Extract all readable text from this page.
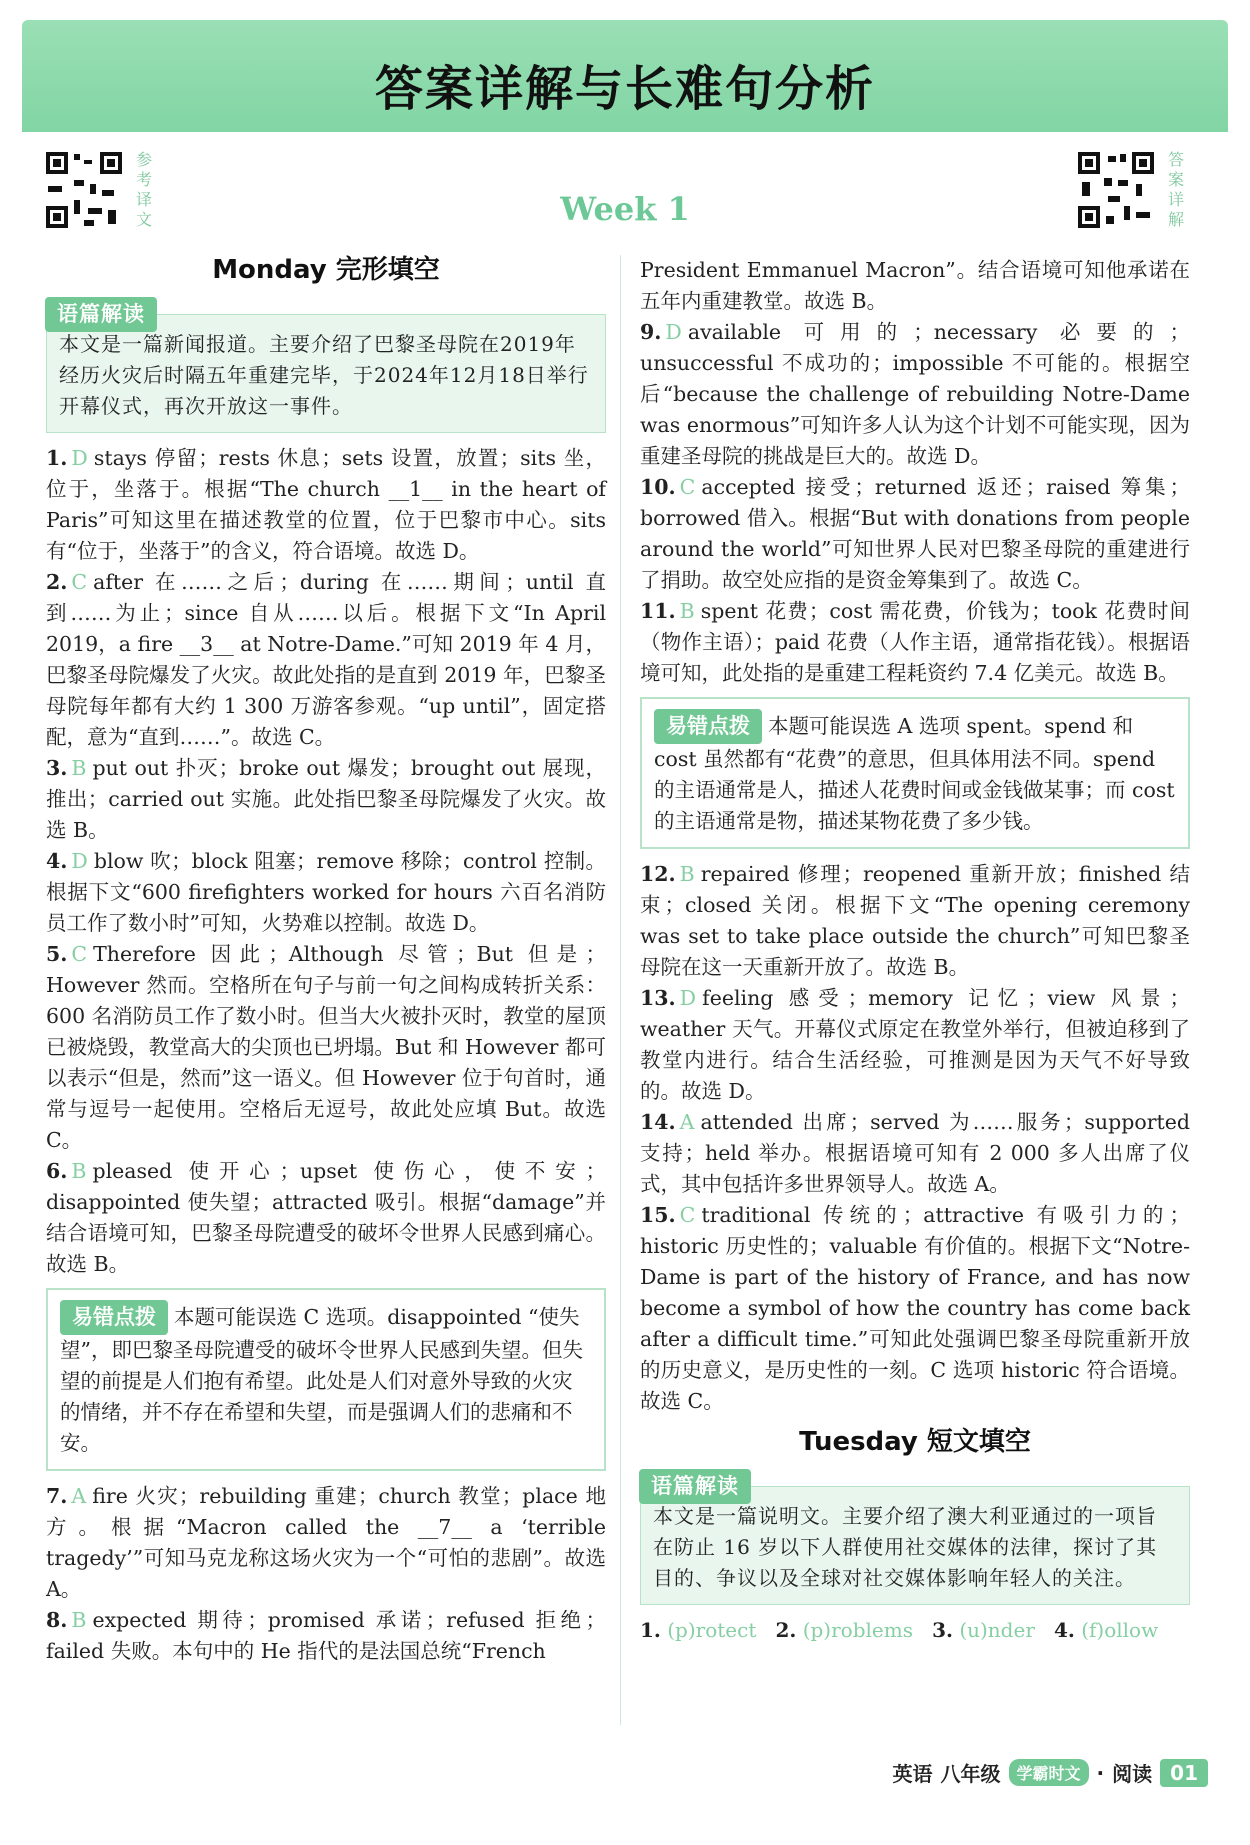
答案详解与长难句分析
参考译文
答案详解
Week 1
Monday 完形填空
语篇解读

本文是一篇新闻报道。主要介绍了巴黎圣母院在2019年经历火灾后时隔五年重建完毕，于2024年12月18日举行开幕仪式，再次开放这一事件。

1. D stays 停留；rests 休息；sets 设置，放置；sits 坐，位于，坐落于。根据“The church __1__ in the heart of Paris”可知这里在描述教堂的位置，位于巴黎市中心。sits 有“位于，坐落于”的含义，符合语境。故选 D。

2. C after 在……之后；during 在……期间；until 直到……为止；since 自从……以后。根据下文“In April 2019，a fire __3__ at Notre-Dame.”可知 2019 年 4 月，巴黎圣母院爆发了火灾。故此处指的是直到 2019 年，巴黎圣母院每年都有大约 1 300 万游客参观。“up until”，固定搭配，意为“直到……”。故选 C。

3. B put out 扑灭；broke out 爆发；brought out 展现，推出；carried out 实施。此处指巴黎圣母院爆发了火灾。故选 B。

4. D blow 吹；block 阻塞；remove 移除；control 控制。根据下文“600 firefighters worked for hours 六百名消防员工作了数小时”可知，火势难以控制。故选 D。

5. C Therefore 因此；Although 尽管；But 但是；However 然而。空格所在句子与前一句之间构成转折关系：600 名消防员工作了数小时。但当大火被扑灭时，教堂的屋顶已被烧毁，教堂高大的尖顶也已坍塌。But 和 However 都可以表示“但是，然而”这一语义。但 However 位于句首时，通常与逗号一起使用。空格后无逗号，故此处应填 But。故选 C。

6. B pleased 使开心；upset 使伤心，使不安；disappointed 使失望；attracted 吸引。根据“damage”并结合语境可知，巴黎圣母院遭受的破坏令世界人民感到痛心。故选 B。

易错点拨 本题可能误选 C 选项。disappointed “使失望”，即巴黎圣母院遭受的破坏令世界人民感到失望。但失望的前提是人们抱有希望。此处是人们对意外导致的火灾的情绪，并不存在希望和失望，而是强调人们的悲痛和不安。

7. A fire 火灾；rebuilding 重建；church 教堂；place 地方。根据“Macron called the __7__ a ‘terrible tragedy’”可知马克龙称这场火灾为一个“可怕的悲剧”。故选 A。

8. B expected 期待；promised 承诺；refused 拒绝；failed 失败。本句中的 He 指代的是法国总统“French

President Emmanuel Macron”。结合语境可知他承诺在五年内重建教堂。故选 B。

9. D available 可用的；necessary 必要的；unsuccessful 不成功的；impossible 不可能的。根据空后“because the challenge of rebuilding Notre-Dame was enormous”可知许多人认为这个计划不可能实现，因为重建圣母院的挑战是巨大的。故选 D。

10. C accepted 接受；returned 返还；raised 筹集；borrowed 借入。根据“But with donations from people around the world”可知世界人民对巴黎圣母院的重建进行了捐助。故空处应指的是资金筹集到了。故选 C。

11. B spent 花费；cost 需花费，价钱为；took 花费时间（物作主语）；paid 花费（人作主语，通常指花钱）。根据语境可知，此处指的是重建工程耗资约 7.4 亿美元。故选 B。

易错点拨 本题可能误选 A 选项 spent。spend 和 cost 虽然都有“花费”的意思，但具体用法不同。spend 的主语通常是人，描述人花费时间或金钱做某事；而 cost 的主语通常是物，描述某物花费了多少钱。

12. B repaired 修理；reopened 重新开放；finished 结束；closed 关闭。根据下文“The opening ceremony was set to take place outside the church”可知巴黎圣母院在这一天重新开放了。故选 B。

13. D feeling 感受；memory 记忆；view 风景；weather 天气。开幕仪式原定在教堂外举行，但被迫移到了教堂内进行。结合生活经验，可推测是因为天气不好导致的。故选 D。

14. A attended 出席；served 为……服务；supported 支持；held 举办。根据语境可知有 2 000 多人出席了仪式，其中包括许多世界领导人。故选 A。

15. C traditional 传统的；attractive 有吸引力的；historic 历史性的；valuable 有价值的。根据下文“Notre-Dame is part of the history of France, and has now become a symbol of how the country has come back after a difficult time.”可知此处强调巴黎圣母院重新开放的历史意义，是历史性的一刻。C 选项 historic 符合语境。故选 C。

Tuesday 短文填空
语篇解读

本文是一篇说明文。主要介绍了澳大利亚通过的一项旨在防止 16 岁以下人群使用社交媒体的法律，探讨了其目的、争议以及全球对社交媒体影响年轻人的关注。

1. (p)rotect 2. (p)roblems 3. (u)nder 4. (f)ollow

英语 八年级	学霸时文 · 阅读 01
